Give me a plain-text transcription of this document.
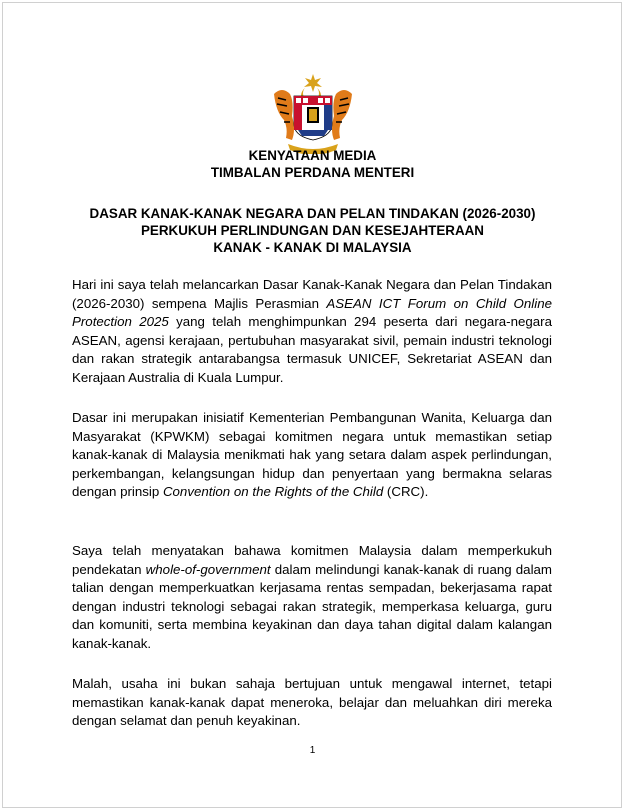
KENYATAAN MEDIA
TIMBALAN PERDANA MENTERI
DASAR KANAK-KANAK NEGARA DAN PELAN TINDAKAN (2026-2030)
PERKUKUH PERLINDUNGAN DAN KESEJAHTERAAN
KANAK - KANAK DI MALAYSIA

Hari ini saya telah melancarkan Dasar Kanak-Kanak Negara dan Pelan Tindakan (2026-2030) sempena Majlis Perasmian ASEAN ICT Forum on Child Online Protection 2025 yang telah menghimpunkan 294 peserta dari negara-negara ASEAN, agensi kerajaan, pertubuhan masyarakat sivil, pemain industri teknologi dan rakan strategik antarabangsa termasuk UNICEF, Sekretariat ASEAN dan Kerajaan Australia di Kuala Lumpur.

Dasar ini merupakan inisiatif Kementerian Pembangunan Wanita, Keluarga dan Masyarakat (KPWKM) sebagai komitmen negara untuk memastikan setiap kanak-kanak di Malaysia menikmati hak yang setara dalam aspek perlindungan, perkembangan, kelangsungan hidup dan penyertaan yang bermakna selaras dengan prinsip Convention on the Rights of the Child (CRC).

Saya telah menyatakan bahawa komitmen Malaysia dalam memperkukuh pendekatan whole-of-government dalam melindungi kanak-kanak di ruang dalam talian dengan memperkuatkan kerjasama rentas sempadan, bekerjasama rapat dengan industri teknologi sebagai rakan strategik, memperkasa keluarga, guru dan komuniti, serta membina keyakinan dan daya tahan digital dalam kalangan kanak-kanak.

Malah, usaha ini bukan sahaja bertujuan untuk mengawal internet, tetapi memastikan kanak-kanak dapat meneroka, belajar dan meluahkan diri mereka dengan selamat dan penuh keyakinan.

1
